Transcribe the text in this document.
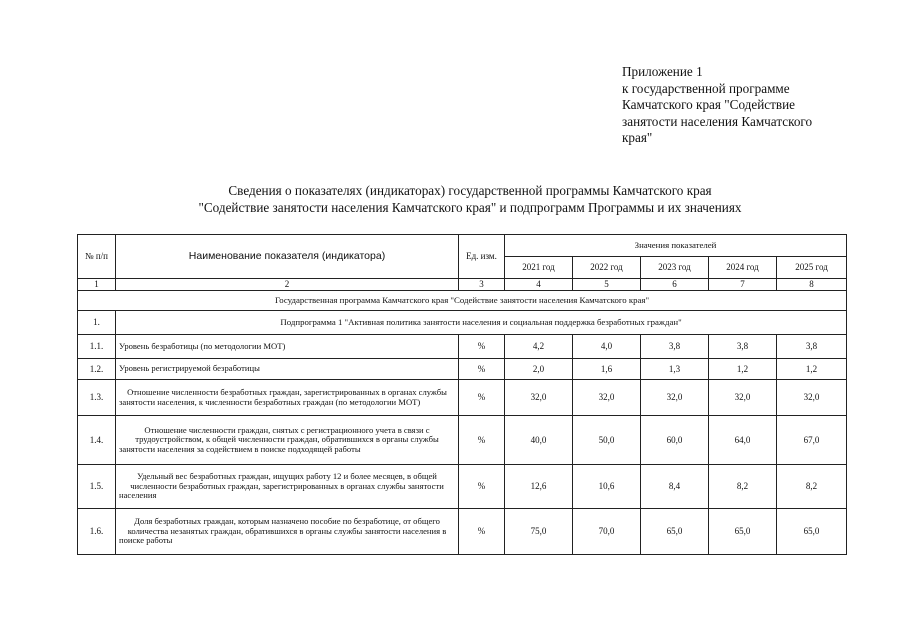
Приложение 1
к государственной программе
Камчатского края "Содействие
занятости населения Камчатского
края"
Сведения о показателях (индикаторах) государственной программы Камчатского края
"Содействие занятости населения Камчатского края" и подпрограмм Программы и их значениях
№ п/п	Наименование показателя (индикатора)	Ед. изм.	Значения показателей				
			2021 год	2022 год	2023 год	2024 год	2025 год
1	2	3	4	5	6	7	8
Государственная программа Камчатского края "Содействие занятости населения Камчатского края"							
1.	Подпрограмма 1 "Активная политика занятости населения и социальная поддержка безработных граждан"						
1.1.	Уровень безработицы (по методологии МОТ)	%	4,2	4,0	3,8	3,8	3,8
1.2.	Уровень регистрируемой безработицы	%	2,0	1,6	1,3	1,2	1,2
1.3.	Отношение численности безработных граждан, зарегистрированных в органах службы занятости населения, к численности безработных граждан (по методологии МОТ)	%	32,0	32,0	32,0	32,0	32,0
1.4.	Отношение численности граждан, снятых с регистрационного учета в связи с трудоустройством, к общей численности граждан, обратившихся в органы службы занятости населения за содействием в поиске подходящей работы	%	40,0	50,0	60,0	64,0	67,0
1.5.	Удельный вес безработных граждан, ищущих работу 12 и более месяцев, в общей численности безработных граждан, зарегистрированных в органах службы занятости населения	%	12,6	10,6	8,4	8,2	8,2
1.6.	Доля безработных граждан, которым назначено пособие по безработице, от общего количества незанятых граждан, обратившихся в органы службы занятости населения в поиске работы	%	75,0	70,0	65,0	65,0	65,0
